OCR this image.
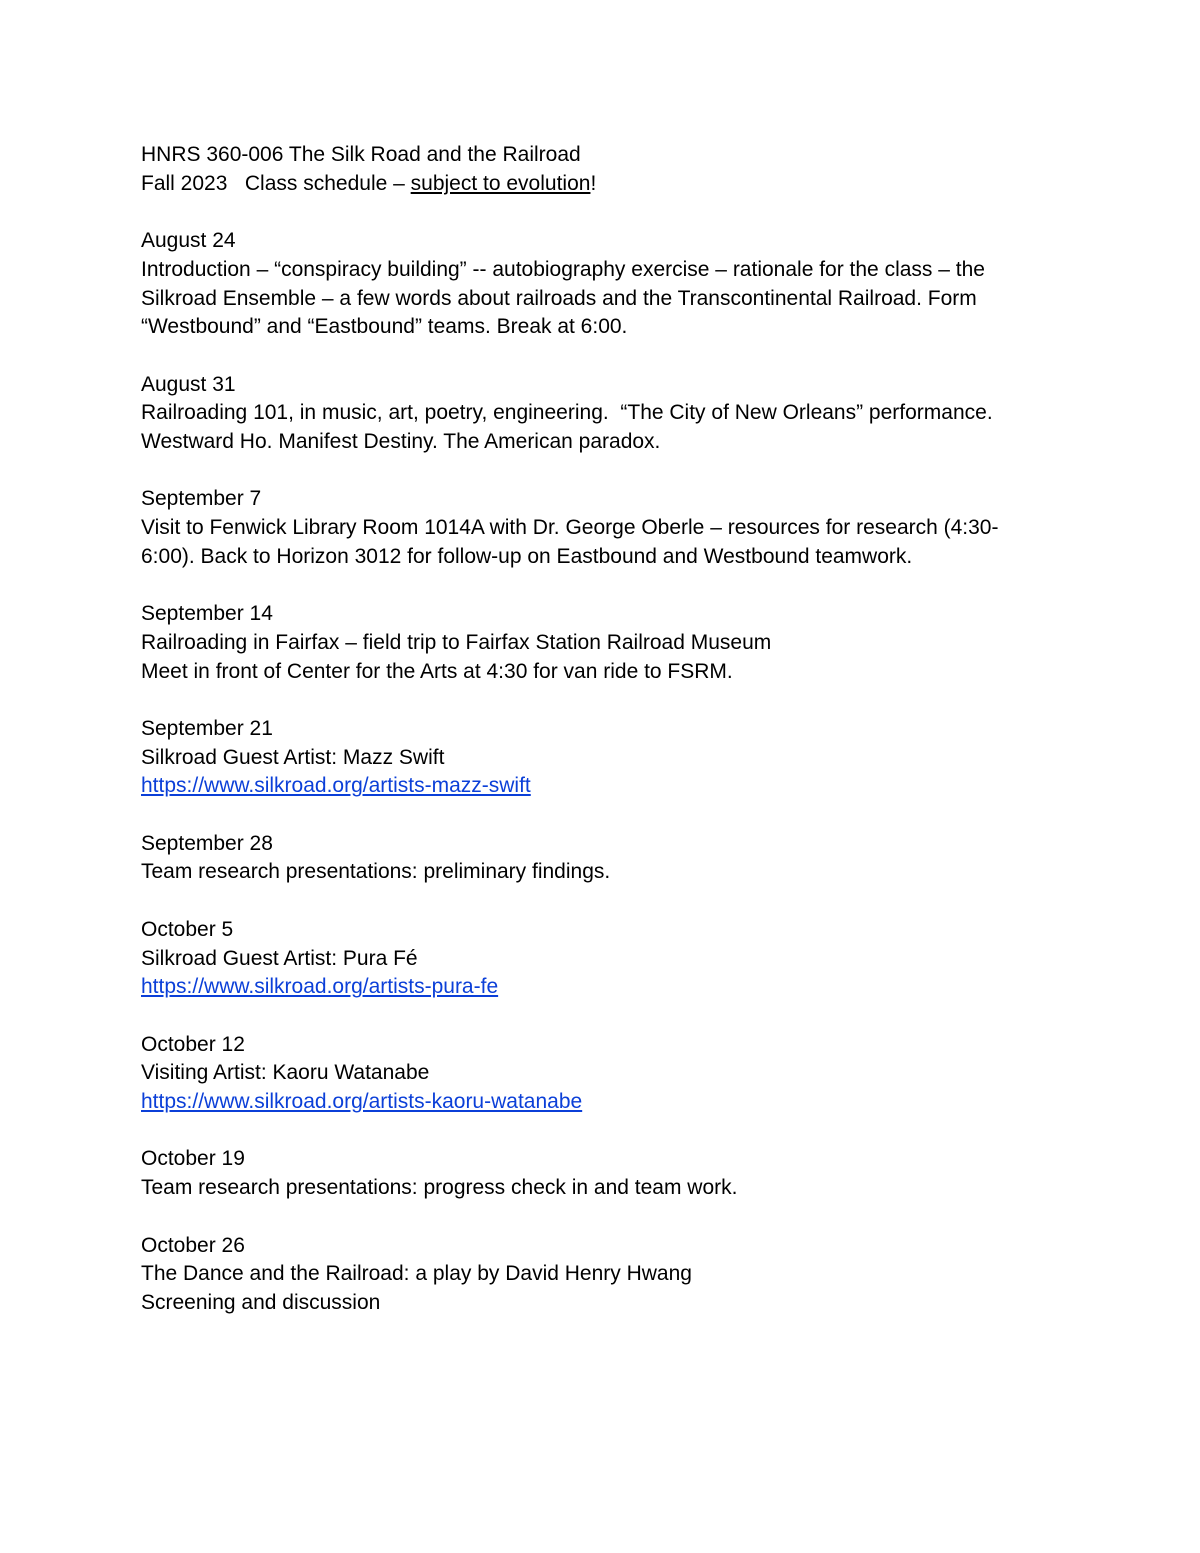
HNRS 360-006 The Silk Road and the Railroad
Fall 2023   Class schedule – subject to evolution!
August 24
Introduction – “conspiracy building” -- autobiography exercise – rationale for the class – the
Silkroad Ensemble – a few words about railroads and the Transcontinental Railroad. Form
“Westbound” and “Eastbound” teams. Break at 6:00.
August 31
Railroading 101, in music, art, poetry, engineering.  “The City of New Orleans” performance.
Westward Ho. Manifest Destiny. The American paradox.
September 7
Visit to Fenwick Library Room 1014A with Dr. George Oberle – resources for research (4:30-
6:00). Back to Horizon 3012 for follow-up on Eastbound and Westbound teamwork.
September 14
Railroading in Fairfax – field trip to Fairfax Station Railroad Museum
Meet in front of Center for the Arts at 4:30 for van ride to FSRM.
September 21
Silkroad Guest Artist: Mazz Swift
https://www.silkroad.org/artists-mazz-swift
September 28
Team research presentations: preliminary findings.
October 5
Silkroad Guest Artist: Pura Fé
https://www.silkroad.org/artists-pura-fe
October 12
Visiting Artist: Kaoru Watanabe
https://www.silkroad.org/artists-kaoru-watanabe
October 19
Team research presentations: progress check in and team work.
October 26
The Dance and the Railroad: a play by David Henry Hwang
Screening and discussion
